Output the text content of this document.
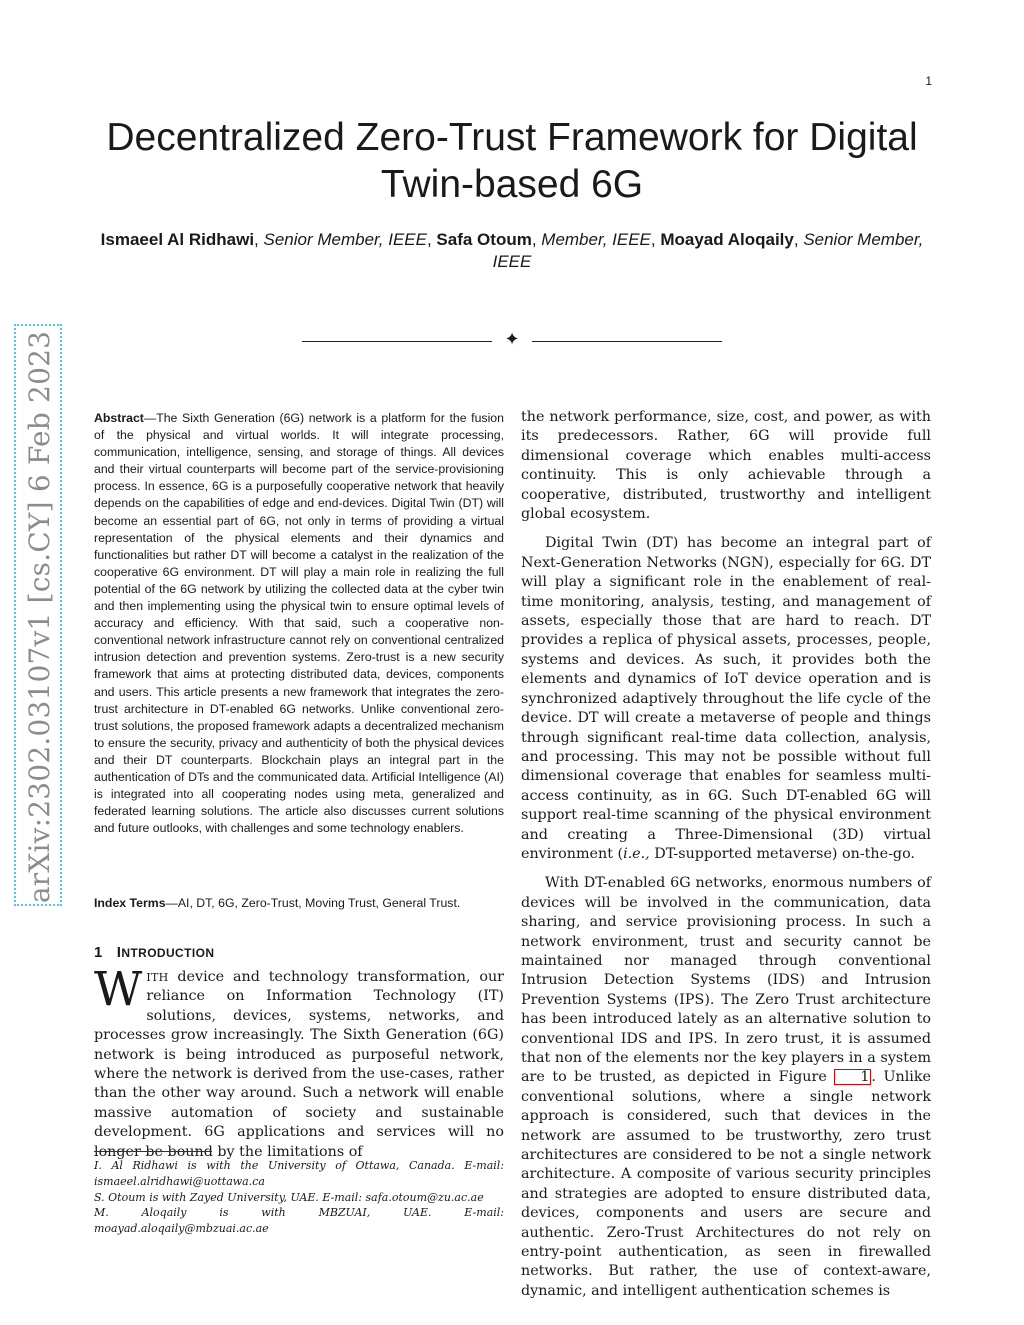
1
Decentralized Zero-Trust Framework for Digital Twin-based 6G
Ismaeel Al Ridhawi, Senior Member, IEEE, Safa Otoum, Member, IEEE, Moayad Aloqaily, Senior Member, IEEE
✦
arXiv:2302.03107v1 [cs.CY] 6 Feb 2023	Abstract—The Sixth Generation (6G) network is a platform for the fusion of the physical and virtual worlds. It will integrate processing, communication, intelligence, sensing, and storage of things. All devices and their virtual counterparts will become part of the service-provisioning process. In essence, 6G is a purposefully cooperative network that heavily depends on the capabilities of edge and end-devices. Digital Twin (DT) will become an essential part of 6G, not only in terms of providing a virtual representation of the physical elements and their dynamics and functionalities but rather DT will become a catalyst in the realization of the cooperative 6G environment. DT will play a main role in realizing the full potential of the 6G network by utilizing the collected data at the cyber twin and then implementing using the physical twin to ensure optimal levels of accuracy and efficiency. With that said, such a cooperative non-conventional network infrastructure cannot rely on conventional centralized intrusion detection and prevention systems. Zero-trust is a new security framework that aims at protecting distributed data, devices, components and users. This article presents a new framework that integrates the zero-trust architecture in DT-enabled 6G networks. Unlike conventional zero-trust solutions, the proposed framework adapts a decentralized mechanism to ensure the security, privacy and authenticity of both the physical devices and their DT counterparts. Blockchain plays an integral part in the authentication of DTs and the communicated data. Artificial Intelligence (AI) is integrated into all cooperating nodes using meta, generalized and federated learning solutions. The article also discusses current solutions and future outlooks, with challenges and some technology enablers.

Index Terms—AI, DT, 6G, Zero-Trust, Moving Trust, General Trust.

1 INTRODUCTION

WITH device and technology transformation, our reliance on Information Technology (IT) solutions, devices, systems, networks, and processes grow increasingly. The Sixth Generation (6G) network is being introduced as purposeful network, where the network is derived from the use-cases, rather than the other way around. Such a network will enable massive automation of society and sustainable development. 6G applications and services will no longer be bound by the limitations of

I. Al Ridhawi is with the University of Ottawa, Canada. E-mail: ismaeel.alridhawi@uottawa.ca

S. Otoum is with Zayed University, UAE. E-mail: safa.otoum@zu.ac.ae

M. Aloqaily is with MBZUAI, UAE. E-mail: moayad.aloqaily@mbzuai.ac.ae

the network performance, size, cost, and power, as with its predecessors. Rather, 6G will provide full dimensional coverage which enables multi-access continuity. This is only achievable through a cooperative, distributed, trustworthy and intelligent global ecosystem.

Digital Twin (DT) has become an integral part of Next-Generation Networks (NGN), especially for 6G. DT will play a significant role in the enablement of real-time monitoring, analysis, testing, and management of assets, especially those that are hard to reach. DT provides a replica of physical assets, processes, people, systems and devices. As such, it provides both the elements and dynamics of IoT device operation and is synchronized adaptively throughout the life cycle of the device. DT will create a metaverse of people and things through significant real-time data collection, analysis, and processing. This may not be possible without full dimensional coverage that enables for seamless multi-access continuity, as in 6G. Such DT-enabled 6G will support real-time scanning of the physical environment and creating a Three-Dimensional (3D) virtual environment (i.e., DT-supported metaverse) on-the-go.

With DT-enabled 6G networks, enormous numbers of devices will be involved in the communication, data sharing, and service provisioning process. In such a network environment, trust and security cannot be maintained nor managed through conventional Intrusion Detection Systems (IDS) and Intrusion Prevention Systems (IPS). The Zero Trust architecture has been introduced lately as an alternative solution to conventional IDS and IPS. In zero trust, it is assumed that non of the elements nor the key players in a system are to be trusted, as depicted in Figure 1 . Unlike conventional solutions, where a single network approach is considered, such that devices in the network are assumed to be trustworthy, zero trust architectures are considered to be not a single network architecture. A composite of various security principles and strategies are adopted to ensure distributed data, devices, components and users are secure and authentic. Zero-Trust Architectures do not rely on entry-point authentication, as seen in firewalled networks. But rather, the use of context-aware, dynamic, and intelligent authentication schemes is
